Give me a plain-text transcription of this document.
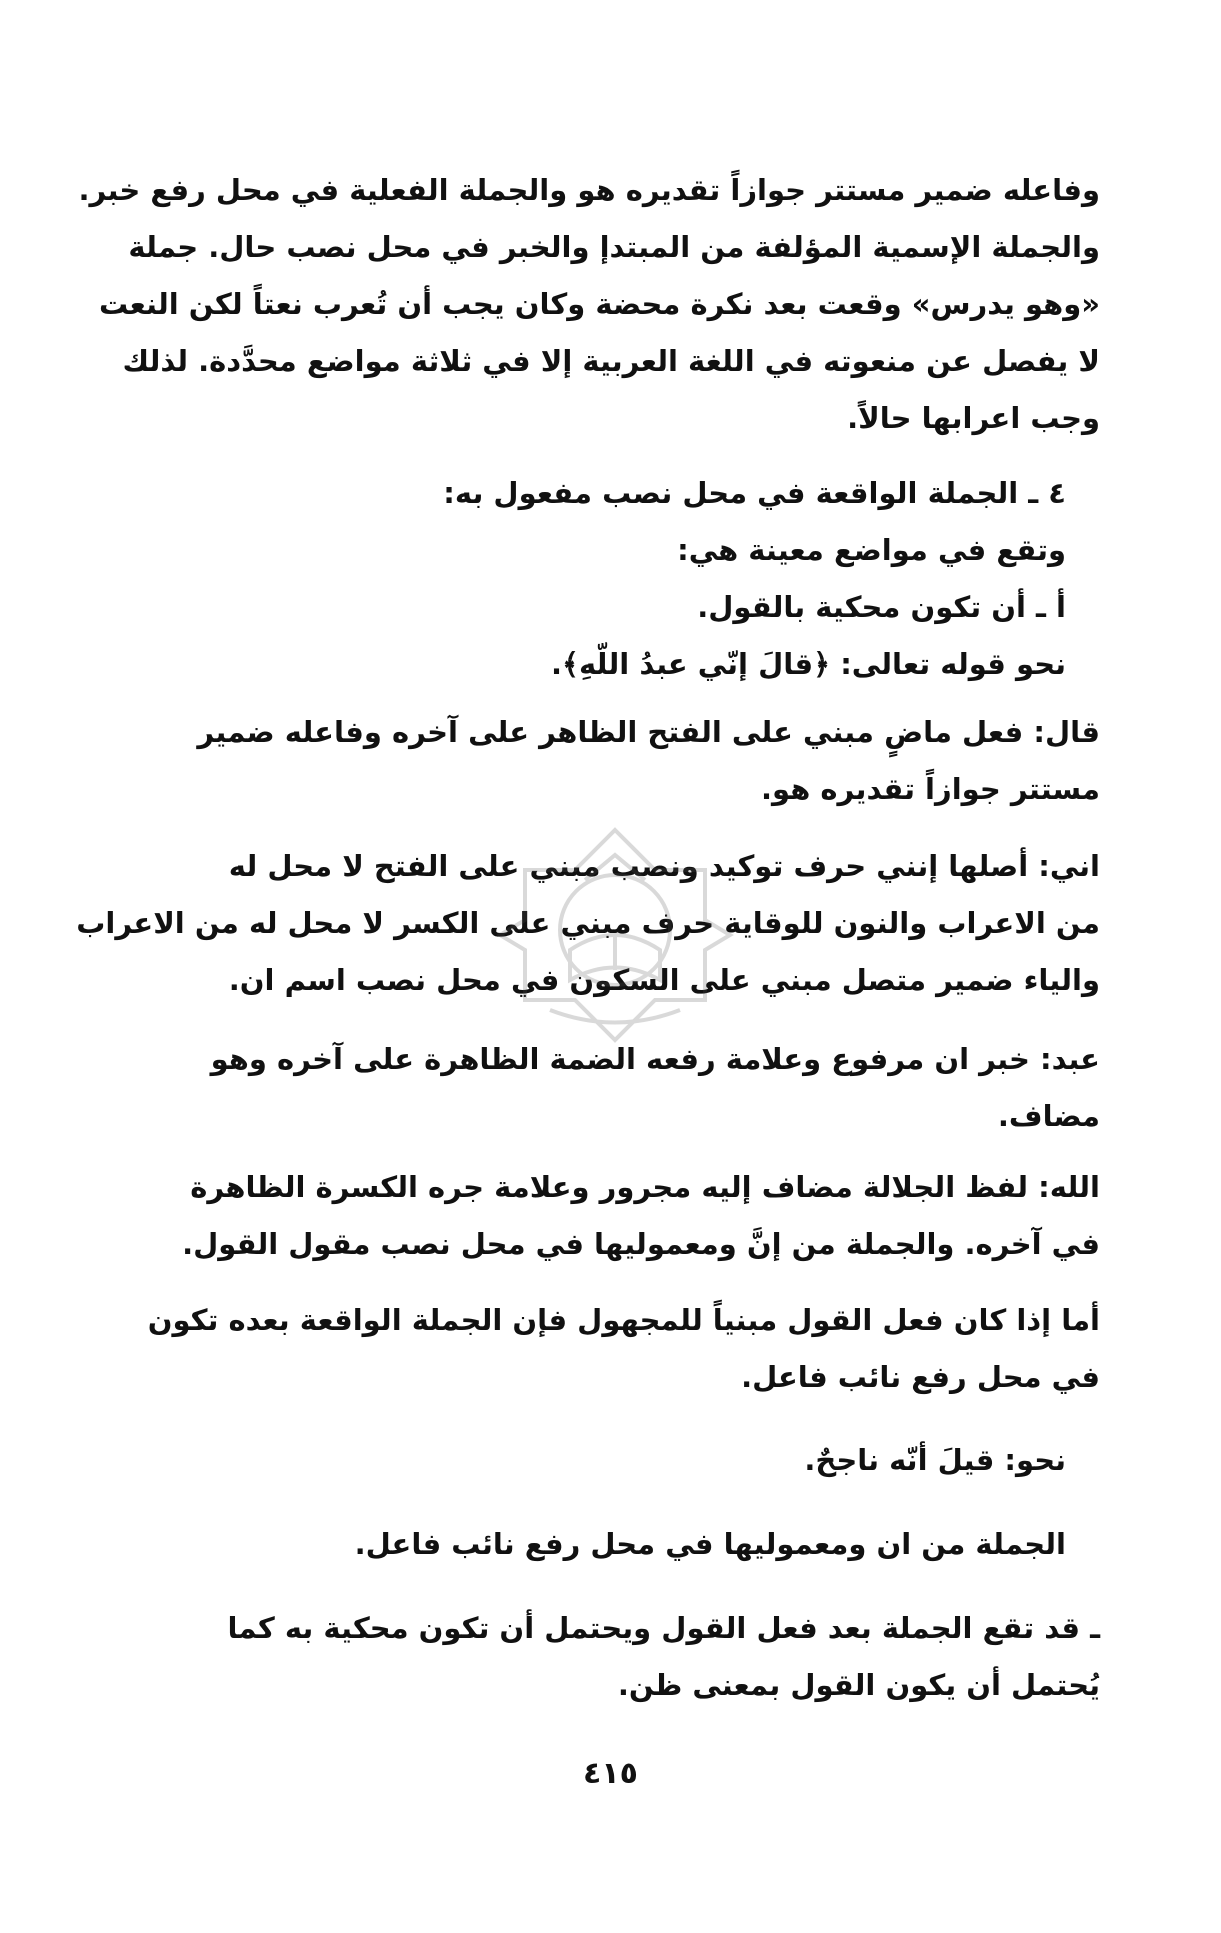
وفاعله ضمير مستتر جوازاً تقديره هو والجملة الفعلية في محل رفع خبر.
والجملة الإسمية المؤلفة من المبتدإ والخبر في محل نصب حال. جملة
«وهو يدرس» وقعت بعد نكرة محضة وكان يجب أن تُعرب نعتاً لكن النعت
لا يفصل عن منعوته في اللغة العربية إلا في ثلاثة مواضع محدَّدة. لذلك
وجب اعرابها حالاً.
٤ ـ الجملة الواقعة في محل نصب مفعول به:
وتقع في مواضع معينة هي:
أ ـ أن تكون محكية بالقول.
نحو قوله تعالى: ﴿قالَ إنّي عبدُ اللّهِ﴾.
قال: فعل ماضٍ مبني على الفتح الظاهر على آخره وفاعله ضمير
مستتر جوازاً تقديره هو.
اني: أصلها إنني حرف توكيد ونصب مبني على الفتح لا محل له
من الاعراب والنون للوقاية حرف مبني على الكسر لا محل له من الاعراب
والياء ضمير متصل مبني على السكون في محل نصب اسم ان.
عبد: خبر ان مرفوع وعلامة رفعه الضمة الظاهرة على آخره وهو
مضاف.
الله: لفظ الجلالة مضاف إليه مجرور وعلامة جره الكسرة الظاهرة
في آخره. والجملة من إنَّ ومعموليها في محل نصب مقول القول.
أما إذا كان فعل القول مبنياً للمجهول فإن الجملة الواقعة بعده تكون
في محل رفع نائب فاعل.
نحو: قيلَ أنّه ناجحٌ.
الجملة من ان ومعموليها في محل رفع نائب فاعل.
ـ قد تقع الجملة بعد فعل القول ويحتمل أن تكون محكية به كما
يُحتمل أن يكون القول بمعنى ظن.
٤١٥
